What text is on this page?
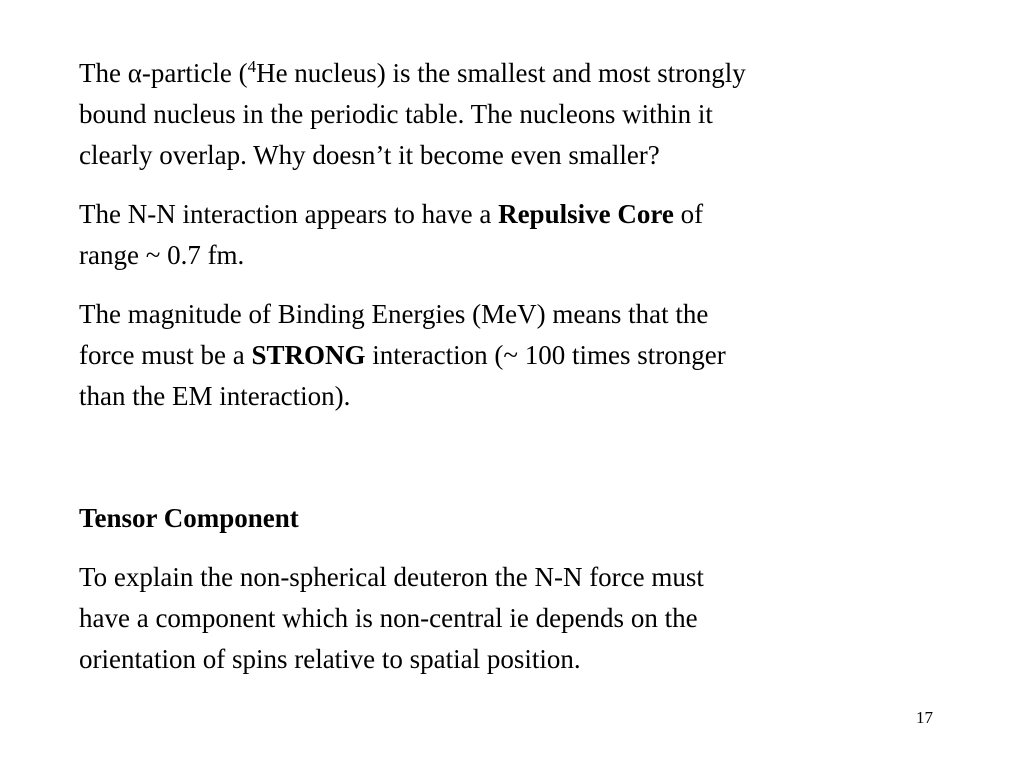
The α-particle ($^4$He nucleus) is the smallest and most strongly
bound nucleus in the periodic table. The nucleons within it
clearly overlap. Why doesn’t it become even smaller?

The N-N interaction appears to have a Repulsive Core of
range ~ 0.7 fm.

The magnitude of Binding Energies (MeV) means that the
force must be a STRONG interaction (~ 100 times stronger
than the EM interaction).

Tensor Component

To explain the non-spherical deuteron the N-N force must
have a component which is non-central ie depends on the
orientation of spins relative to spatial position.

17
